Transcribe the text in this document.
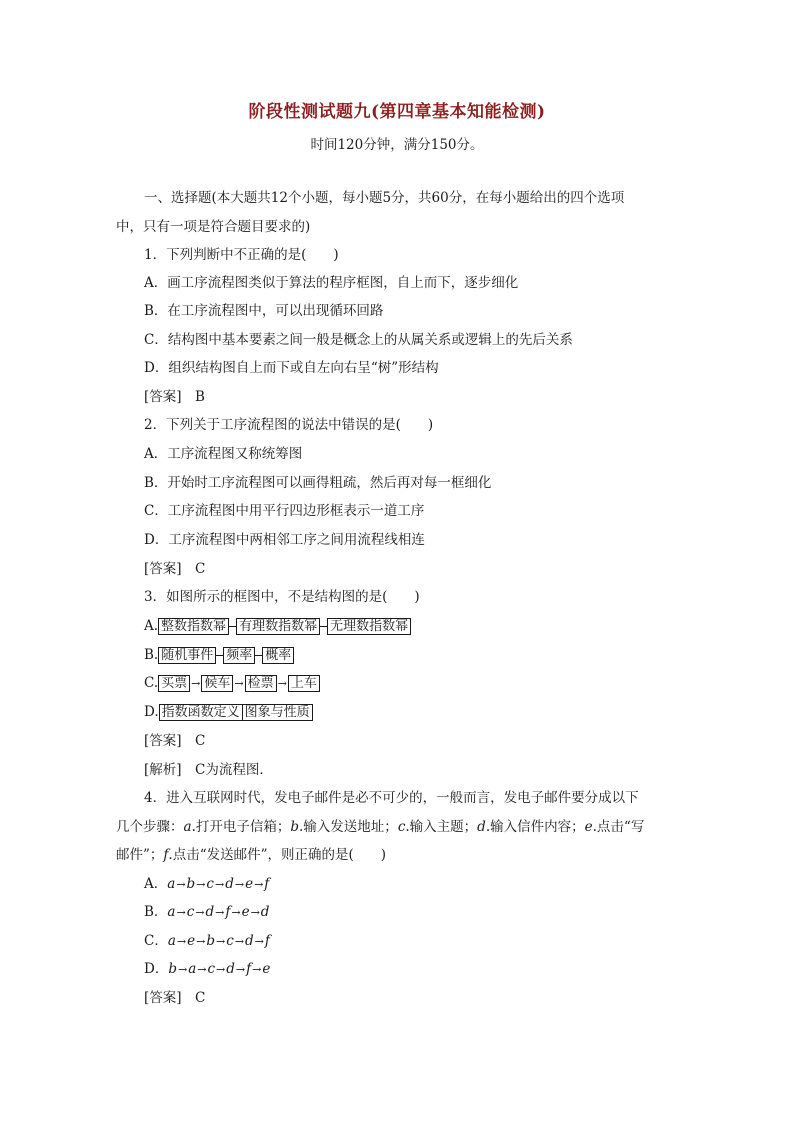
阶段性测试题九(第四章基本知能检测)
时间120分钟，满分150分。
一、选择题(本大题共12个小题，每小题5分，共60分，在每小题给出的四个选项
中，只有一项是符合题目要求的)
1．下列判断中不正确的是(　　)
A．画工序流程图类似于算法的程序框图，自上而下，逐步细化
B．在工序流程图中，可以出现循环回路
C．结构图中基本要素之间一般是概念上的从属关系或逻辑上的先后关系
D．组织结构图自上而下或自左向右呈“树”形结构
[答案]　B
2．下列关于工序流程图的说法中错误的是(　　)
A．工序流程图又称统筹图
B．开始时工序流程图可以画得粗疏，然后再对每一框细化
C．工序流程图中用平行四边形框表示一道工序
D．工序流程图中两相邻工序之间用流程线相连
[答案]　C
3．如图所示的框图中，不是结构图的是(　　)
A. 整数指数幂 有理数指数幂 无理数指数幂
B. 随机事件 频率 概率
C. 买票 → 候车 → 检票 → 上车
D. 指数函数定义 图象与性质
[答案]　C
[解析]　C为流程图．
4．进入互联网时代，发电子邮件是必不可少的，一般而言，发电子邮件要分成以下
几个步骤：a.打开电子信箱；b.输入发送地址；c.输入主题；d.输入信件内容；e.点击“写
邮件”；f.点击“发送邮件”，则正确的是(　　)
A．a→b→c→d→e→f
B．a→c→d→f→e→d
C．a→e→b→c→d→f
D．b→a→c→d→f→e
[答案]　C
